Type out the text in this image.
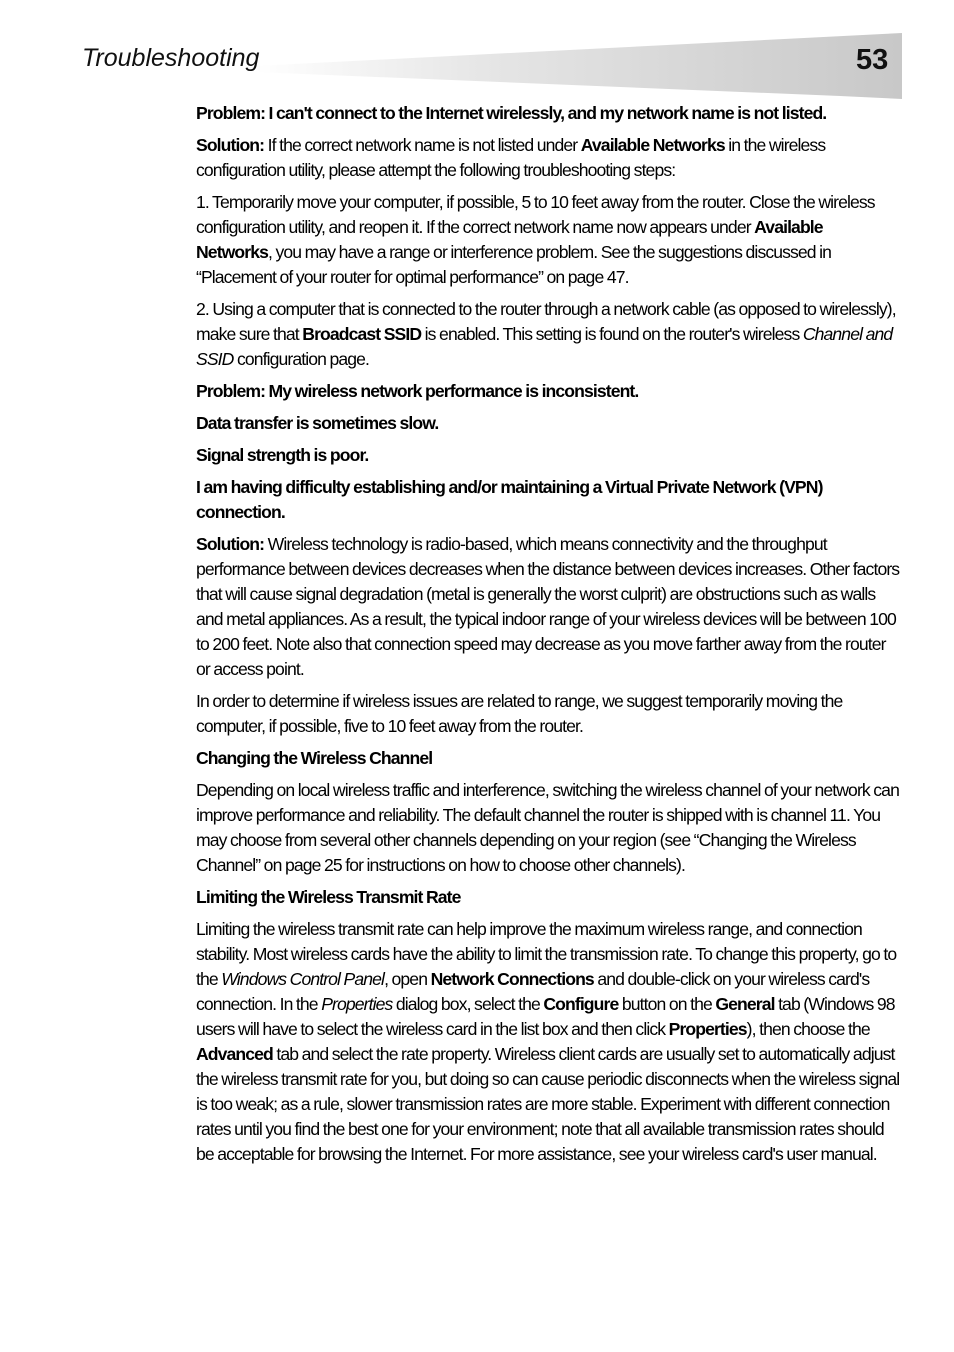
Troubleshooting	53

Problem: I can't connect to the Internet wirelessly, and my network name is not listed.

Solution: If the correct network name is not listed under Available Networks in the wireless configuration utility, please attempt the following troubleshooting steps:

1. Temporarily move your computer, if possible, 5 to 10 feet away from the router. Close the wireless configuration utility, and reopen it. If the correct network name now appears under Available Networks, you may have a range or interference problem. See the suggestions discussed in “Placement of your router for optimal performance” on page 47.

2. Using a computer that is connected to the router through a network cable (as opposed to wirelessly), make sure that Broadcast SSID is enabled. This setting is found on the router's wireless Channel and SSID configuration page.

Problem: My wireless network performance is inconsistent.

Data transfer is sometimes slow.

Signal strength is poor.

I am having difficulty establishing and/or maintaining a Virtual Private Network (VPN) connection.

Solution: Wireless technology is radio-based, which means connectivity and the throughput performance between devices decreases when the distance between devices increases. Other factors that will cause signal degradation (metal is generally the worst culprit) are obstructions such as walls and metal appliances. As a result, the typical indoor range of your wireless devices will be between 100 to 200 feet. Note also that connection speed may decrease as you move farther away from the router or access point.

In order to determine if wireless issues are related to range, we suggest temporarily moving the computer, if possible, five to 10 feet away from the router.

Changing the Wireless Channel

Depending on local wireless traffic and interference, switching the wireless channel of your network can improve performance and reliability. The default channel the router is shipped with is channel 11. You may choose from several other channels depending on your region (see “Changing the Wireless Channel” on page 25 for instructions on how to choose other channels).

Limiting the Wireless Transmit Rate

Limiting the wireless transmit rate can help improve the maximum wireless range, and connection stability. Most wireless cards have the ability to limit the transmission rate. To change this property, go to the Windows Control Panel, open Network Connections and double-click on your wireless card's connection. In the Properties dialog box, select the Configure button on the General tab (Windows 98 users will have to select the wireless card in the list box and then click Properties), then choose the Advanced tab and select the rate property. Wireless client cards are usually set to automatically adjust the wireless transmit rate for you, but doing so can cause periodic disconnects when the wireless signal is too weak; as a rule, slower transmission rates are more stable. Experiment with different connection rates until you find the best one for your environment; note that all available transmission rates should be acceptable for browsing the Internet. For more assistance, see your wireless card's user manual.
